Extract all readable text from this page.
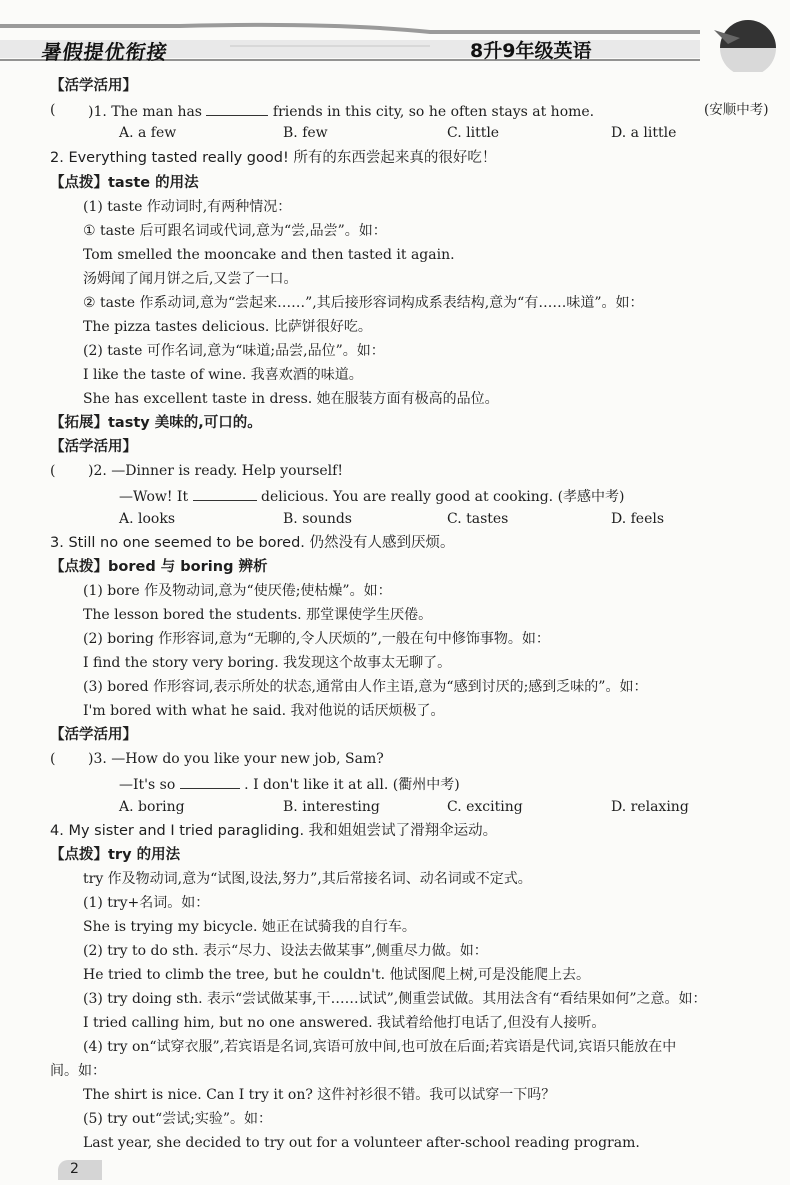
暑假提优衔接	8升9年级英语
【活学活用】
( )1. The man has	friends in this city, so he often stays at home.	(安顺中考)
A. a few	B. few	C. little	D. a little
2. Everything tasted really good! 所有的东西尝起来真的很好吃！
【点拨】taste 的用法
(1) taste 作动词时,有两种情况：
① taste 后可跟名词或代词,意为“尝,品尝”。如：
Tom smelled the mooncake and then tasted it again.
汤姆闻了闻月饼之后,又尝了一口。
② taste 作系动词,意为“尝起来……”,其后接形容词构成系表结构,意为“有……味道”。如：
The pizza tastes delicious. 比萨饼很好吃。
(2) taste 可作名词,意为“味道;品尝,品位”。如：
I like the taste of wine. 我喜欢酒的味道。
She has excellent taste in dress. 她在服装方面有极高的品位。
【拓展】tasty 美味的,可口的。
【活学活用】
( )2. —Dinner is ready. Help yourself!
—Wow! It	delicious. You are really good at cooking. (孝感中考)
A. looks	B. sounds	C. tastes	D. feels
3. Still no one seemed to be bored. 仍然没有人感到厌烦。
【点拨】bored 与 boring 辨析
(1) bore 作及物动词,意为“使厌倦;使枯燥”。如：
The lesson bored the students. 那堂课使学生厌倦。
(2) boring 作形容词,意为“无聊的,令人厌烦的”,一般在句中修饰事物。如：
I find the story very boring. 我发现这个故事太无聊了。
(3) bored 作形容词,表示所处的状态,通常由人作主语,意为“感到讨厌的;感到乏味的”。如：
I'm bored with what he said. 我对他说的话厌烦极了。
【活学活用】
( )3. —How do you like your new job, Sam?
—It's so	. I don't like it at all. (衢州中考)
A. boring	B. interesting	C. exciting	D. relaxing
4. My sister and I tried paragliding. 我和姐姐尝试了滑翔伞运动。
【点拨】try 的用法
try 作及物动词,意为“试图,设法,努力”,其后常接名词、动名词或不定式。
(1) try+名词。如：
She is trying my bicycle. 她正在试骑我的自行车。
(2) try to do sth. 表示“尽力、设法去做某事”,侧重尽力做。如：
He tried to climb the tree, but he couldn't. 他试图爬上树,可是没能爬上去。
(3) try doing sth. 表示“尝试做某事,干……试试”,侧重尝试做。其用法含有“看结果如何”之意。如：
I tried calling him, but no one answered. 我试着给他打电话了,但没有人接听。
(4) try on“试穿衣服”,若宾语是名词,宾语可放中间,也可放在后面;若宾语是代词,宾语只能放在中
间。如：
The shirt is nice. Can I try it on? 这件衬衫很不错。我可以试穿一下吗？
(5) try out“尝试;实验”。如：
Last year, she decided to try out for a volunteer after-school reading program.
2
